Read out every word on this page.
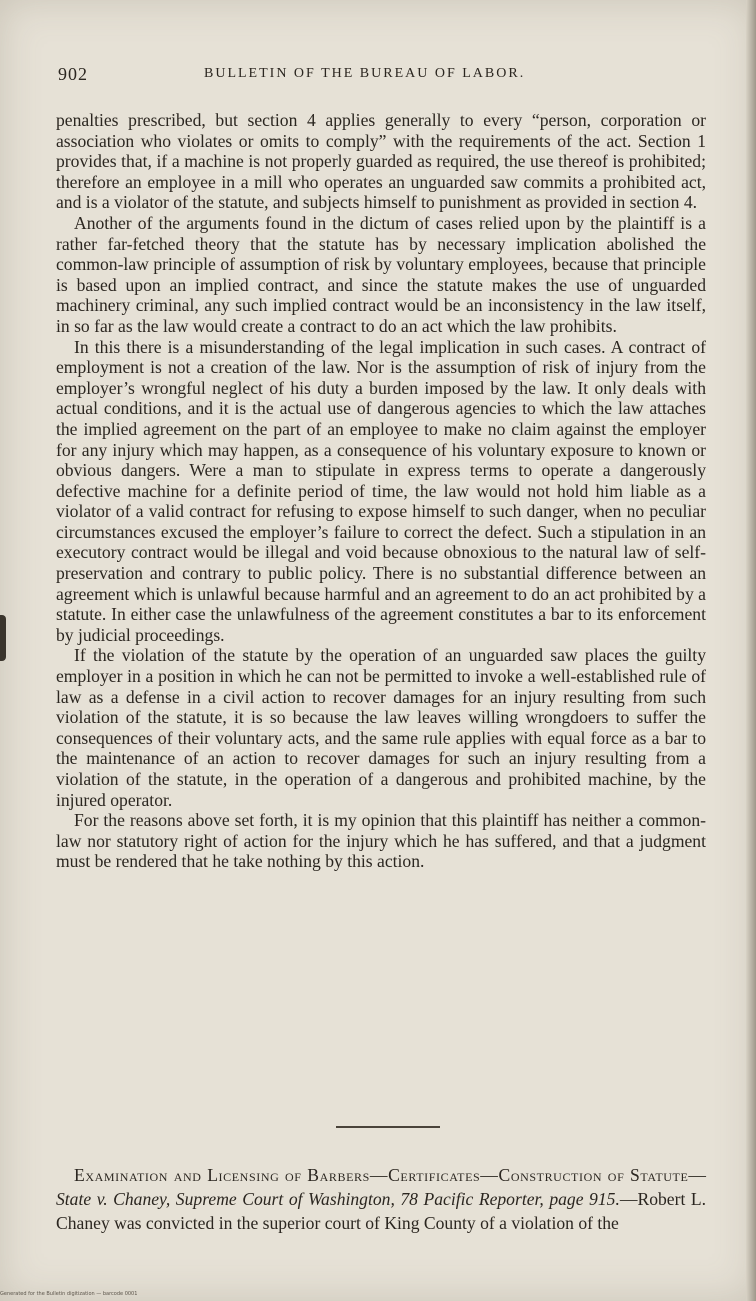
902	BULLETIN OF THE BUREAU OF LABOR.

penalties prescribed, but section 4 applies generally to every “person, corporation or association who violates or omits to comply” with the requirements of the act. Section 1 provides that, if a machine is not properly guarded as required, the use thereof is prohibited; therefore an employee in a mill who operates an unguarded saw commits a prohibited act, and is a violator of the statute, and subjects himself to punishment as provided in section 4.

Another of the arguments found in the dictum of cases relied upon by the plaintiff is a rather far-fetched theory that the statute has by necessary implication abolished the common-law principle of assumption of risk by voluntary employees, because that principle is based upon an implied contract, and since the statute makes the use of unguarded machinery criminal, any such implied contract would be an inconsistency in the law itself, in so far as the law would create a contract to do an act which the law prohibits.

In this there is a misunderstanding of the legal implication in such cases. A contract of employment is not a creation of the law. Nor is the assumption of risk of injury from the employer’s wrongful neglect of his duty a burden imposed by the law. It only deals with actual conditions, and it is the actual use of dangerous agencies to which the law attaches the implied agreement on the part of an employee to make no claim against the employer for any injury which may happen, as a consequence of his voluntary exposure to known or obvious dangers. Were a man to stipulate in express terms to operate a dangerously defective machine for a definite period of time, the law would not hold him liable as a violator of a valid contract for refusing to expose himself to such danger, when no peculiar circumstances excused the employer’s failure to correct the defect. Such a stipulation in an executory contract would be illegal and void because obnoxious to the natural law of self-preservation and contrary to public policy. There is no substantial difference between an agreement which is unlawful because harmful and an agreement to do an act prohibited by a statute. In either case the unlawfulness of the agreement constitutes a bar to its enforcement by judicial proceedings.

If the violation of the statute by the operation of an unguarded saw places the guilty employer in a position in which he can not be permitted to invoke a well-established rule of law as a defense in a civil action to recover damages for an injury resulting from such violation of the statute, it is so because the law leaves willing wrongdoers to suffer the consequences of their voluntary acts, and the same rule applies with equal force as a bar to the maintenance of an action to recover damages for such an injury resulting from a violation of the statute, in the operation of a dangerous and prohibited machine, by the injured operator.

For the reasons above set forth, it is my opinion that this plaintiff has neither a common-law nor statutory right of action for the injury which he has suffered, and that a judgment must be rendered that he take nothing by this action.

Examination and Licensing of Barbers—Certificates—Construction of Statute—State v. Chaney, Supreme Court of Washington, 78 Pacific Reporter, page 915.—Robert L. Chaney was convicted in the superior court of King County of a violation of the
Generated for the Bulletin digitization — barcode 0001
